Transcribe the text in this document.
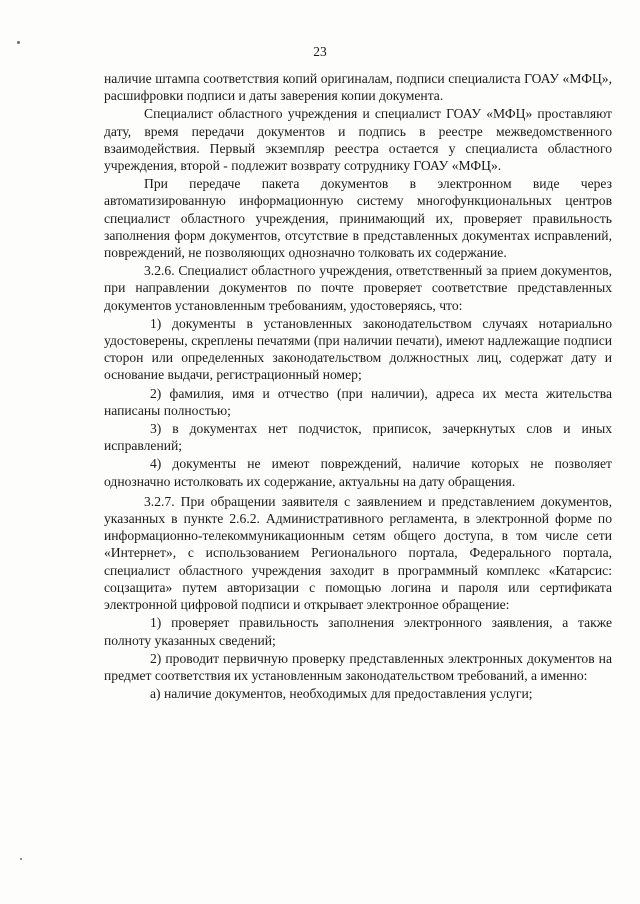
23

наличие штампа соответствия копий оригиналам, подписи специалиста ГОАУ «МФЦ», расшифровки подписи и даты заверения копии документа.

Специалист областного учреждения и специалист ГОАУ «МФЦ» проставляют дату, время передачи документов и подпись в реестре межведомственного взаимодействия. Первый экземпляр реестра остается у специалиста областного учреждения, второй - подлежит возврату сотруднику ГОАУ «МФЦ».

При передаче пакета документов в электронном виде через автоматизированную информационную систему многофункциональных центров специалист областного учреждения, принимающий их, проверяет правильность заполнения форм документов, отсутствие в представленных документах исправлений, повреждений, не позволяющих однозначно толковать их содержание.

3.2.6. Специалист областного учреждения, ответственный за прием документов, при направлении документов по почте проверяет соответствие представленных документов установленным требованиям, удостоверяясь, что:

1) документы в установленных законодательством случаях нотариально удостоверены, скреплены печатями (при наличии печати), имеют надлежащие подписи сторон или определенных законодательством должностных лиц, содержат дату и основание выдачи, регистрационный номер;

2) фамилия, имя и отчество (при наличии), адреса их места жительства написаны полностью;

3) в документах нет подчисток, приписок, зачеркнутых слов и иных исправлений;

4) документы не имеют повреждений, наличие которых не позволяет однозначно истолковать их содержание, актуальны на дату обращения.

3.2.7. При обращении заявителя с заявлением и представлением документов, указанных в пункте 2.6.2. Административного регламента, в электронной форме по информационно-телекоммуникационным сетям общего доступа, в том числе сети «Интернет», с использованием Регионального портала, Федерального портала, специалист областного учреждения заходит в программный комплекс «Катарсис: соцзащита» путем авторизации с помощью логина и пароля или сертификата электронной цифровой подписи и открывает электронное обращение:

1) проверяет правильность заполнения электронного заявления, а также полноту указанных сведений;

2) проводит первичную проверку представленных электронных документов на предмет соответствия их установленным законодательством требований, а именно:

а) наличие документов, необходимых для предоставления услуги;
